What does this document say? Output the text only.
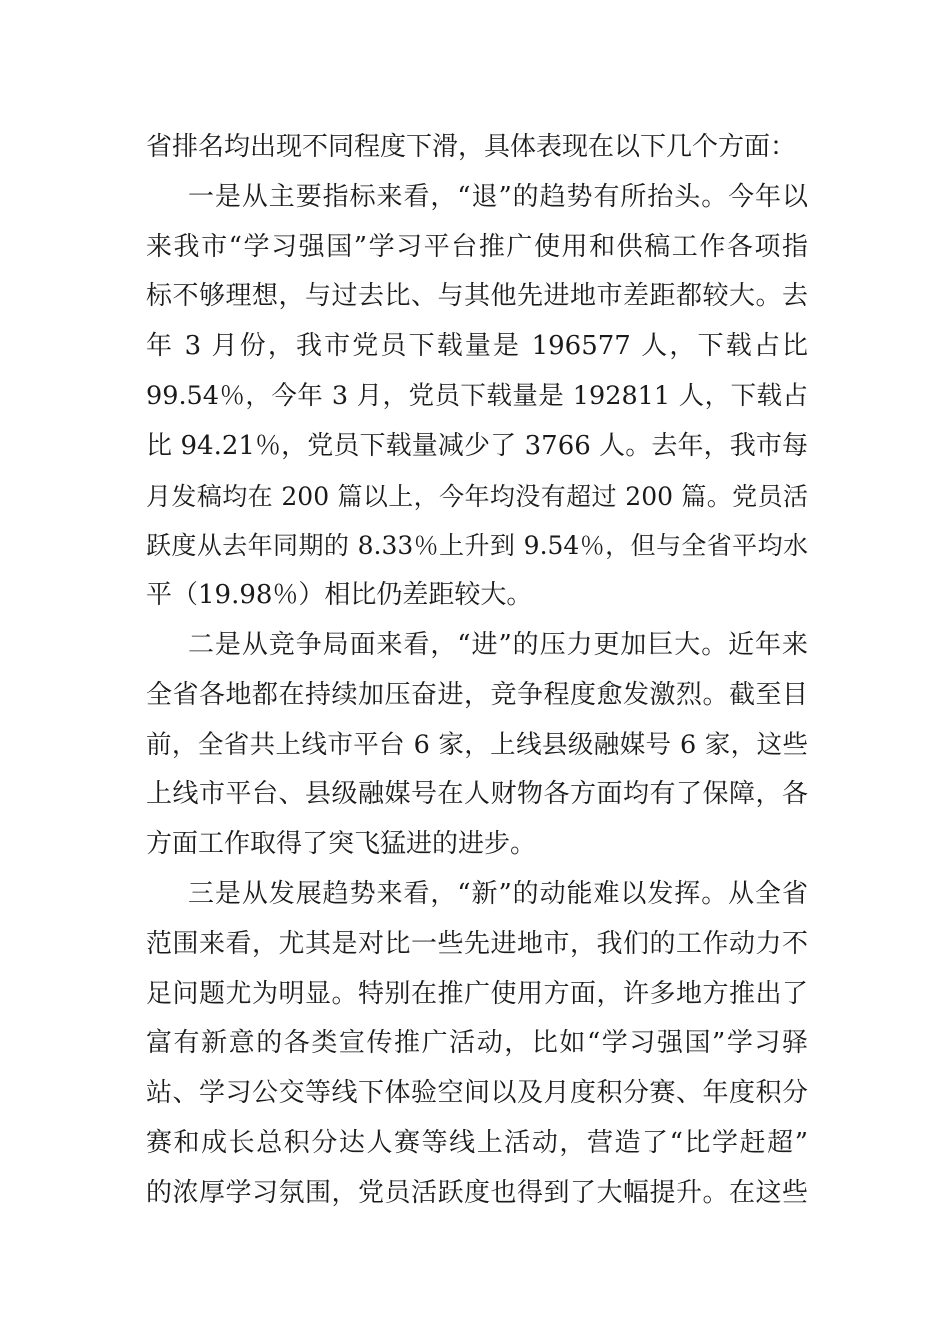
省排名均出现不同程度下滑，具体表现在以下几个方面：
一是从主要指标来看，“退”的趋势有所抬头。今年以
来我市“学习强国”学习平台推广使用和供稿工作各项指
标不够理想，与过去比、与其他先进地市差距都较大。去
年 3 月份，我市党员下载量是 196577 人，下载占比
99.54％，今年 3 月，党员下载量是 192811 人，下载占
比 94.21％，党员下载量减少了 3766 人。去年，我市每
月发稿均在 200 篇以上，今年均没有超过 200 篇。党员活
跃度从去年同期的 8.33％上升到 9.54％，但与全省平均水
平（19.98％）相比仍差距较大。
二是从竞争局面来看，“进”的压力更加巨大。近年来
全省各地都在持续加压奋进，竞争程度愈发激烈。截至目
前，全省共上线市平台 6 家，上线县级融媒号 6 家，这些
上线市平台、县级融媒号在人财物各方面均有了保障，各
方面工作取得了突飞猛进的进步。
三是从发展趋势来看，“新”的动能难以发挥。从全省
范围来看，尤其是对比一些先进地市，我们的工作动力不
足问题尤为明显。特别在推广使用方面，许多地方推出了
富有新意的各类宣传推广活动，比如“学习强国”学习驿
站、学习公交等线下体验空间以及月度积分赛、年度积分
赛和成长总积分达人赛等线上活动，营造了“比学赶超”
的浓厚学习氛围，党员活跃度也得到了大幅提升。在这些
